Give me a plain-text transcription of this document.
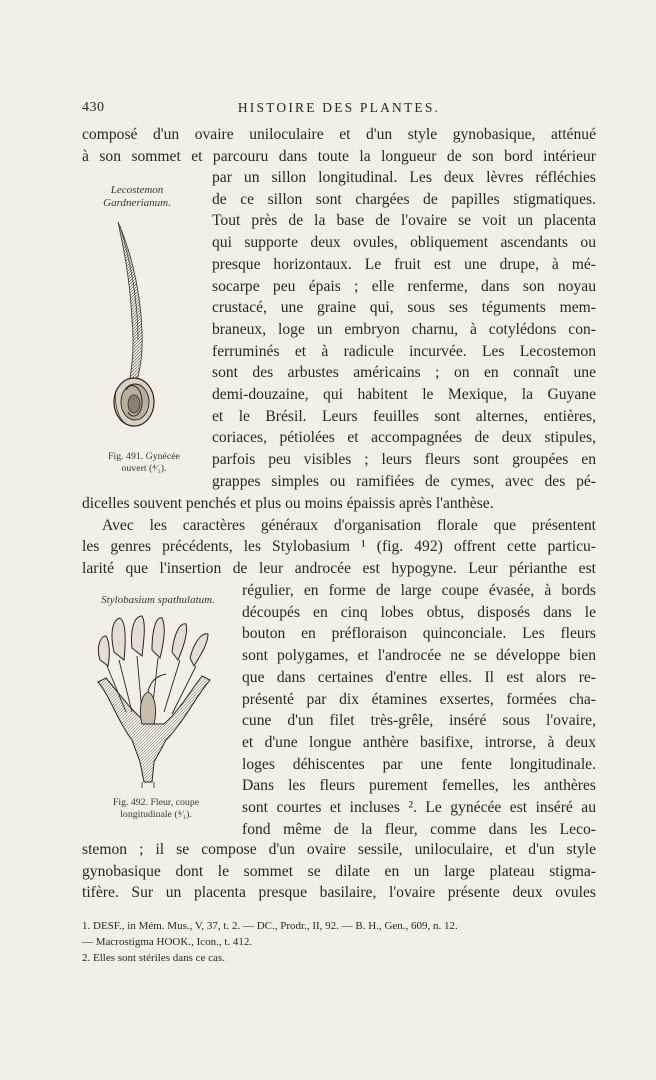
430	HISTOIRE DES PLANTES.
composé d'un ovaire uniloculaire et d'un style gynobasique, atténué
à son sommet et parcouru dans toute la longueur de son bord intérieur
Lecostemon
Gardnerianum.
Fig. 491. Gynécée
ouvert (⁴⁄₁).
par un sillon longitudinal. Les deux lèvres réfléchies
de ce sillon sont chargées de papilles stigmatiques.
Tout près de la base de l'ovaire se voit un placenta
qui supporte deux ovules, obliquement ascendants ou
presque horizontaux. Le fruit est une drupe, à mé-
socarpe peu épais ; elle renferme, dans son noyau
crustacé, une graine qui, sous ses téguments mem-
braneux, loge un embryon charnu, à cotylédons con-
ferruminés et à radicule incurvée. Les Lecostemon
sont des arbustes américains ; on en connaît une
demi-douzaine, qui habitent le Mexique, la Guyane
et le Brésil. Leurs feuilles sont alternes, entières,
coriaces, pétiolées et accompagnées de deux stipules,
parfois peu visibles ; leurs fleurs sont groupées en
grappes simples ou ramifiées de cymes, avec des pé-
dicelles souvent penchés et plus ou moins épaissis après l'anthèse.
Avec les caractères généraux d'organisation florale que présentent
les genres précédents, les Stylobasium ¹ (fig. 492) offrent cette particu-
larité que l'insertion de leur androcée est hypogyne. Leur périanthe est
Stylobasium spathulatum.
Fig. 492. Fleur, coupe
longitudinale (⁴⁄₁).
régulier, en forme de large coupe évasée, à bords
découpés en cinq lobes obtus, disposés dans le
bouton en préfloraison quinconciale. Les fleurs
sont polygames, et l'androcée ne se développe bien
que dans certaines d'entre elles. Il est alors re-
présenté par dix étamines exsertes, formées cha-
cune d'un filet très-grêle, inséré sous l'ovaire,
et d'une longue anthère basifixe, introrse, à deux
loges déhiscentes par une fente longitudinale.
Dans les fleurs purement femelles, les anthères
sont courtes et incluses ². Le gynécée est inséré au
fond même de la fleur, comme dans les Leco-
stemon ; il se compose d'un ovaire sessile, uniloculaire, et d'un style
gynobasique dont le sommet se dilate en un large plateau stigma-
tifère. Sur un placenta presque basilaire, l'ovaire présente deux ovules
1. DESF., in Mém. Mus., V, 37, t. 2. — DC., Prodr., II, 92. — B. H., Gen., 609, n. 12.
— Macrostigma HOOK., Icon., t. 412.
2. Elles sont stériles dans ce cas.
